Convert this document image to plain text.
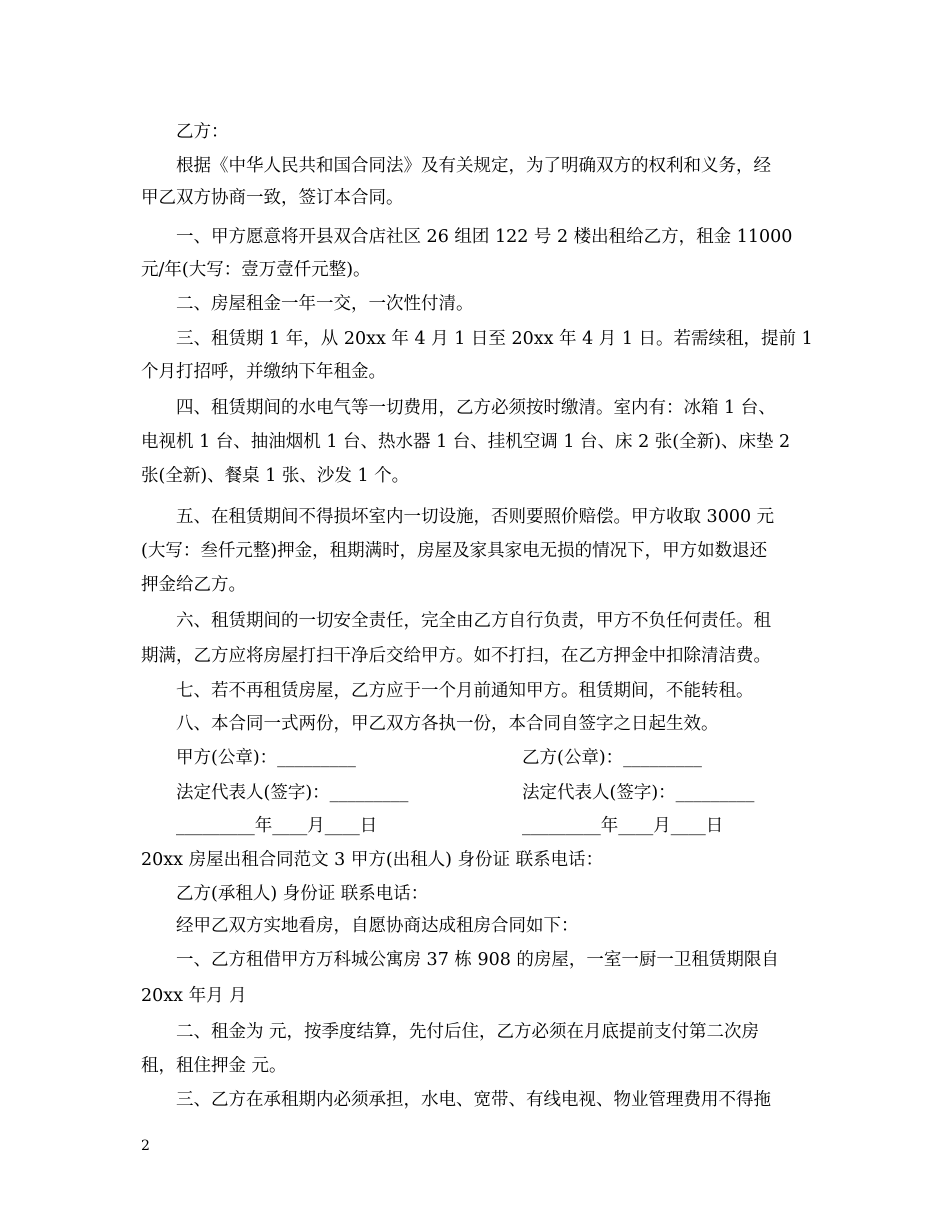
乙方：
根据《中华人民共和国合同法》及有关规定，为了明确双方的权利和义务，经
甲乙双方协商一致，签订本合同。
一、甲方愿意将开县双合店社区 26 组团 122 号 2 楼出租给乙方，租金 11000
元/年(大写：壹万壹仟元整)。
二、房屋租金一年一交，一次性付清。
三、租赁期 1 年，从 20xx 年 4 月 1 日至 20xx 年 4 月 1 日。若需续租，提前 1
个月打招呼，并缴纳下年租金。
四、租赁期间的水电气等一切费用，乙方必须按时缴清。室内有：冰箱 1 台、
电视机 1 台、抽油烟机 1 台、热水器 1 台、挂机空调 1 台、床 2 张(全新)、床垫 2
张(全新)、餐桌 1 张、沙发 1 个。
五、在租赁期间不得损坏室内一切设施，否则要照价赔偿。甲方收取 3000 元
(大写：叁仟元整)押金，租期满时，房屋及家具家电无损的情况下，甲方如数退还
押金给乙方。
六、租赁期间的一切安全责任，完全由乙方自行负责，甲方不负任何责任。租
期满，乙方应将房屋打扫干净后交给甲方。如不打扫，在乙方押金中扣除清洁费。
七、若不再租赁房屋，乙方应于一个月前通知甲方。租赁期间，不能转租。
八、本合同一式两份，甲乙双方各执一份，本合同自签字之日起生效。
甲方(公章)：_________	乙方(公章)：_________
法定代表人(签字)：_________	法定代表人(签字)：_________
_________年____月____日	_________年____月____日
20xx 房屋出租合同范文 3 甲方(出租人) 身份证 联系电话：
乙方(承租人) 身份证 联系电话：
经甲乙双方实地看房，自愿协商达成租房合同如下：
一、乙方租借甲方万科城公寓房 37 栋 908 的房屋，一室一厨一卫租赁期限自
20xx 年月 月
二、租金为 元，按季度结算，先付后住，乙方必须在月底提前支付第二次房
租，租住押金 元。
三、乙方在承租期内必须承担，水电、宽带、有线电视、物业管理费用不得拖
2
